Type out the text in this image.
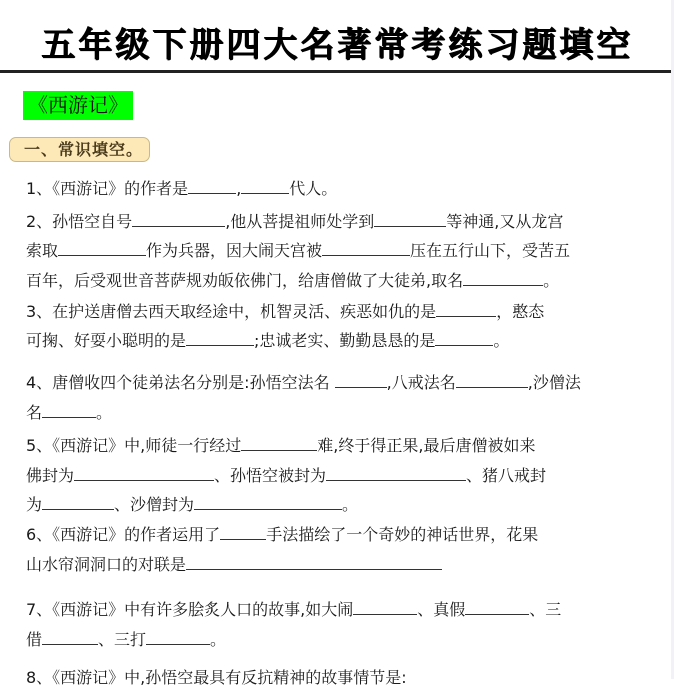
五年级下册四大名著常考练习题填空
《西游记》
一、常识填空。
1、《西游记》的作者是	,	代人。
2、孙悟空自号	,他从菩提祖师处学到	等神通,又从龙宫
索取	作为兵器，因大闹天宫被	压在五行山下，受苦五
百年，后受观世音菩萨规劝皈依佛门，给唐僧做了大徒弟,取名	。
3、在护送唐僧去西天取经途中，机智灵活、疾恶如仇的是	，憨态
可掬、好耍小聪明的是	;忠诚老实、勤勤恳恳的是	。
4、唐僧收四个徒弟法名分别是:孙悟空法名	,八戒法名	,沙僧法
名	。
5、《西游记》中,师徒一行经过	难,终于得正果,最后唐僧被如来
佛封为	、孙悟空被封为	、猪八戒封
为	、沙僧封为	。
6、《西游记》的作者运用了	手法描绘了一个奇妙的神话世界，花果
山水帘洞洞口的对联是
7、《西游记》中有许多脍炙人口的故事,如大闹	、真假	、三
借	、三打	。
8、《西游记》中,孙悟空最具有反抗精神的故事情节是:
